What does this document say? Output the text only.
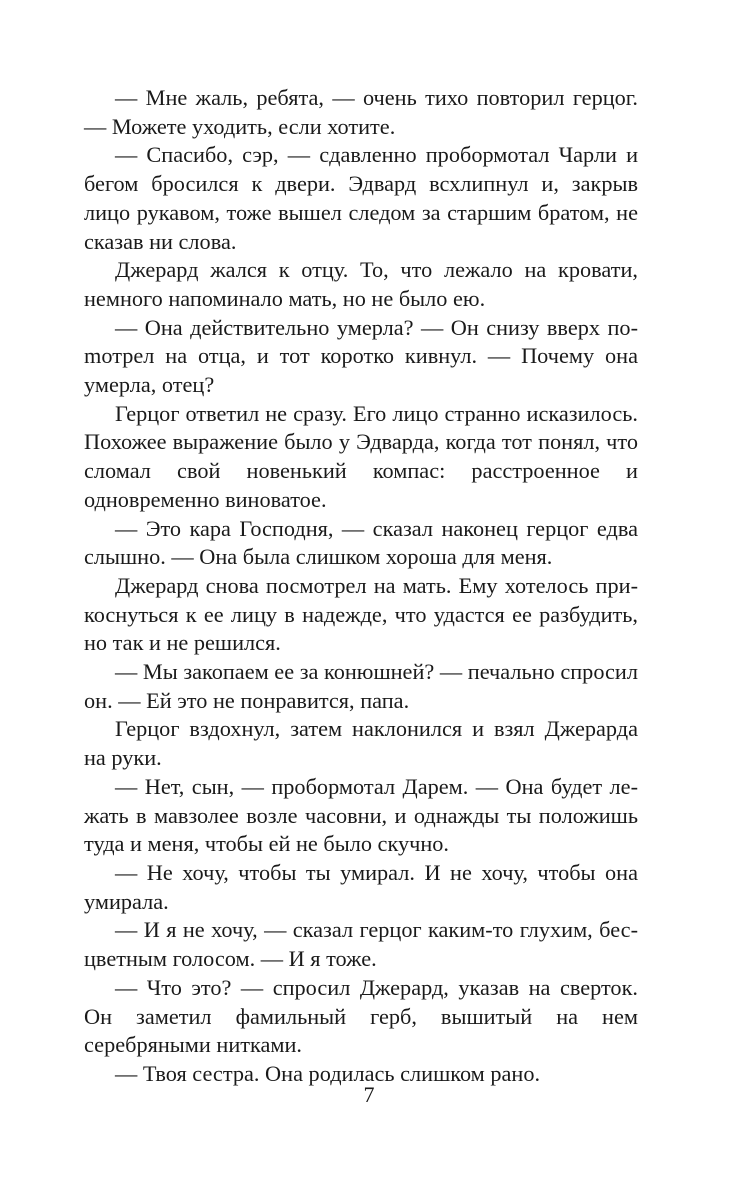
— Мне жаль, ребята, — очень тихо повторил герцог. — Можете уходить, если хотите.

— Спасибо, сэр, — сдавленно пробормотал Чарли и бегом бросился к двери. Эдвард всхлипнул и, закрыв лицо рукавом, тоже вышел следом за старшим братом, не сказав ни слова.

Джерард жался к отцу. То, что лежало на кровати, немного напоминало мать, но не было ею.

— Она действительно умерла? — Он снизу вверх поmотрел на отца, и тот коротко кивнул. — Почему она умерла, отец?

Герцог ответил не сразу. Его лицо странно исказилось. Похожее выражение было у Эдварда, когда тот понял, что сломал свой новенький компас: расстроенное и одновременно виноватое.

— Это кара Господня, — сказал наконец герцог едва слышно. — Она была слишком хороша для меня.

Джерард снова посмотрел на мать. Ему хотелось прикоснуться к ее лицу в надежде, что удастся ее разбудить, но так и не решился.

— Мы закопаем ее за конюшней? — печально спросил он. — Ей это не понравится, папа.

Герцог вздохнул, затем наклонился и взял Джерарда на руки.

— Нет, сын, — пробормотал Дарем. — Она будет лежать в мавзолее возле часовни, и однажды ты положишь туда и меня, чтобы ей не было скучно.

— Не хочу, чтобы ты умирал. И не хочу, чтобы она умирала.

— И я не хочу, — сказал герцог каким-то глухим, бесцветным голосом. — И я тоже.

— Что это? — спросил Джерард, указав на сверток. Он заметил фамильный герб, вышитый на нем серебряными нитками.

— Твоя сестра. Она родилась слишком рано.

7
